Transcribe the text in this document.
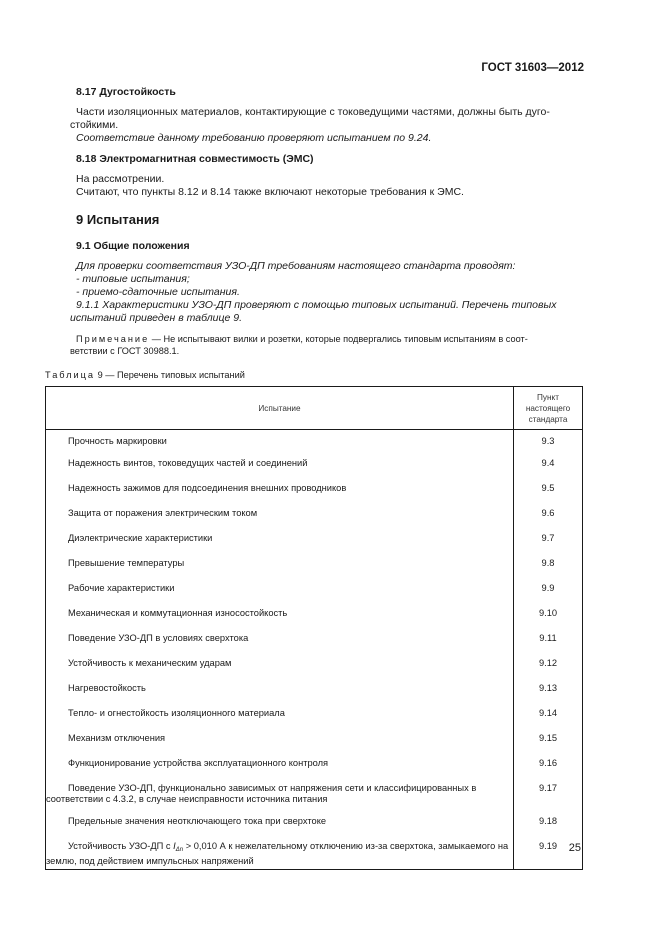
ГОСТ 31603—2012

8.17 Дугостойкость

Части изоляционных материалов, контактирующие с токоведущими частями, должны быть дуго-

стойкими.

Соответствие данному требованию проверяют испытанием по 9.24.

8.18 Электромагнитная совместимость (ЭМС)

На рассмотрении.

Считают, что пункты 8.12 и 8.14 также включают некоторые требования к ЭМС.

9 Испытания

9.1 Общие положения

Для проверки соответствия УЗО-ДП требованиям настоящего стандарта проводят:

- типовые испытания;

- приемо-сдаточные испытания.

9.1.1 Характеристики УЗО-ДП проверяют с помощью типовых испытаний. Перечень типовых

испытаний приведен в таблице 9.

Примечание — Не испытывают вилки и розетки, которые подвергались типовым испытаниям в соот-

ветствии с ГОСТ 30988.1.

Таблица 9 — Перечень типовых испытаний

Испытание	Пункт
настоящего
стандарта
Прочность маркировки	9.3
Надежность винтов, токоведущих частей и соединений	9.4
Надежность зажимов для подсоединения внешних проводников	9.5
Защита от поражения электрическим током	9.6
Диэлектрические характеристики	9.7
Превышение температуры	9.8
Рабочие характеристики	9.9
Механическая и коммутационная износостойкость	9.10
Поведение УЗО-ДП в условиях сверхтока	9.11
Устойчивость к механическим ударам	9.12
Нагревостойкость	9.13
Тепло- и огнестойкость изоляционного материала	9.14
Механизм отключения	9.15
Функционирование устройства эксплуатационного контроля	9.16
Поведение УЗО-ДП, функционально зависимых от напряжения сети и классифицированных в соответствии с 4.3.2, в случае неисправности источника питания	9.17
Предельные значения неотключающего тока при сверхтоке	9.18
Устойчивость УЗО-ДП с $I_{\Delta n} > 0,010$ А к нежелательному отключению из-за сверхтока, замыкаемого на землю, под действием импульсных напряжений	9.19 25
